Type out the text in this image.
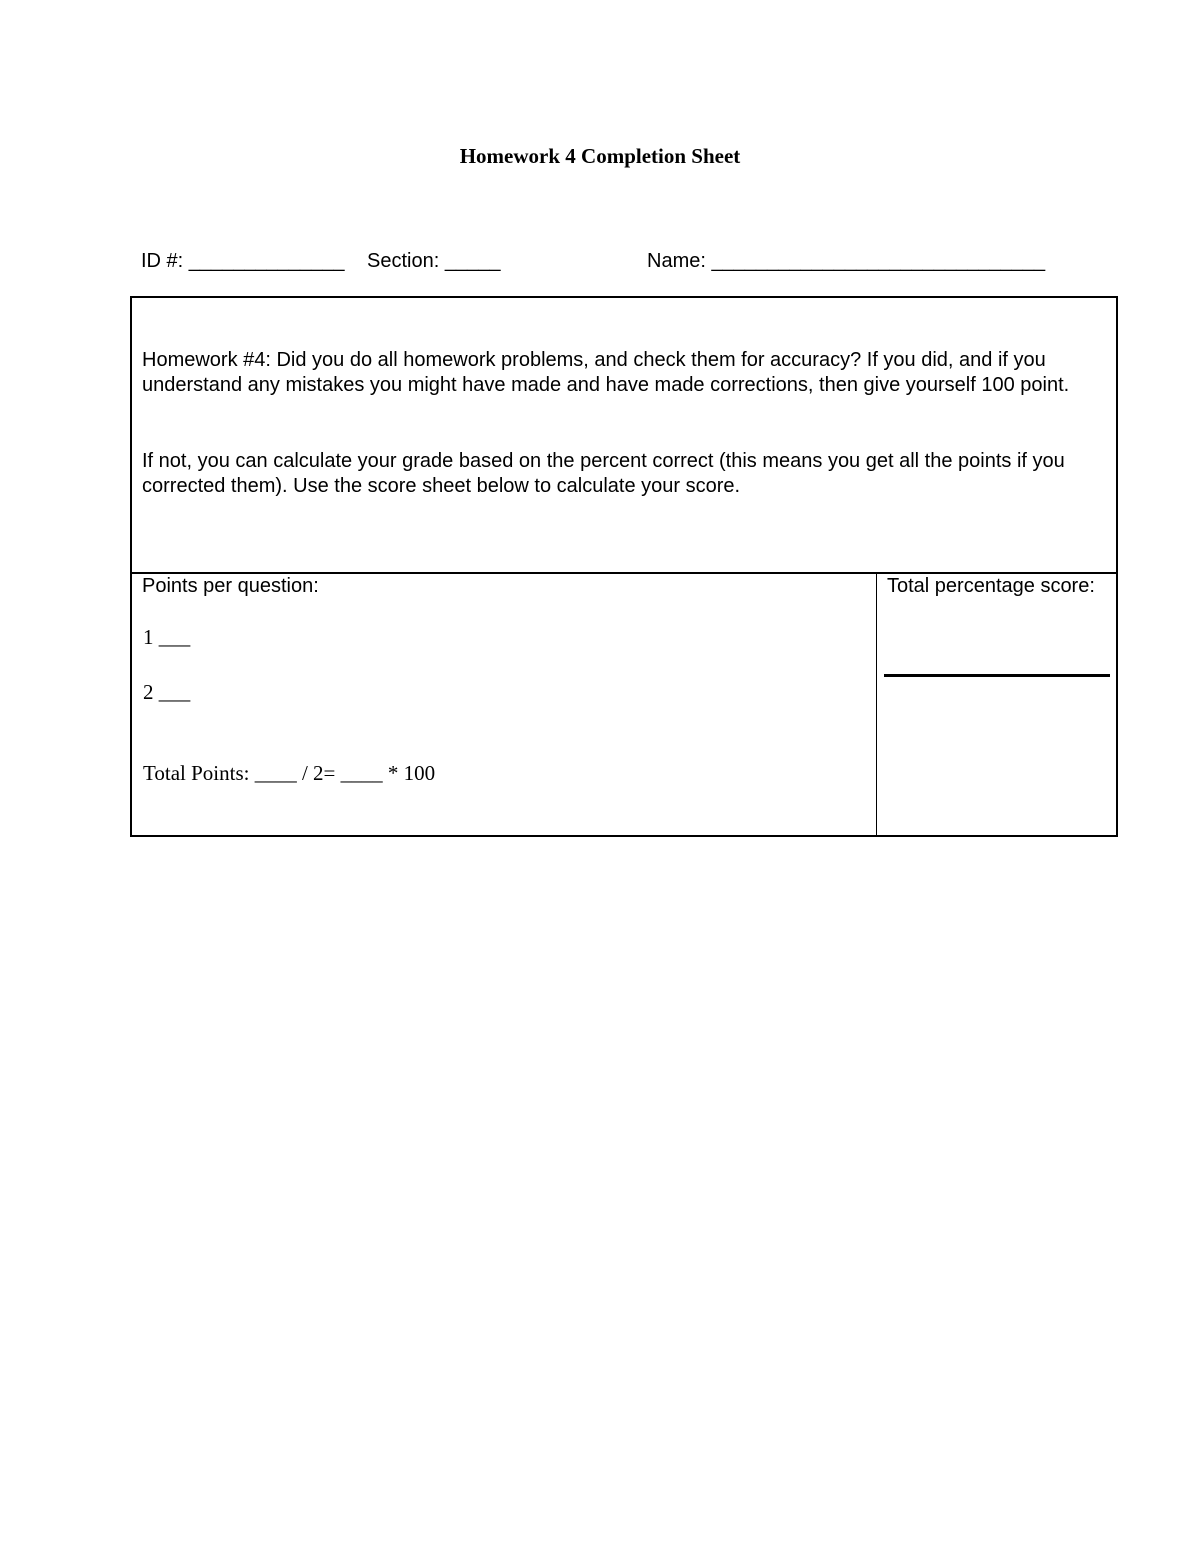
Homework 4 Completion Sheet
ID #: ______________ Section: _____	Name: ______________________________
Homework #4: Did you do all homework problems, and check them for accuracy? If you did, and if you understand any mistakes you might have made and have made corrections, then give yourself 100 point.
If not, you can calculate your grade based on the percent correct (this means you get all the points if you corrected them). Use the score sheet below to calculate your score.
Points per question:
1 ___
2 ___
Total Points: ____ / 2= ____ * 100
Total percentage score:
